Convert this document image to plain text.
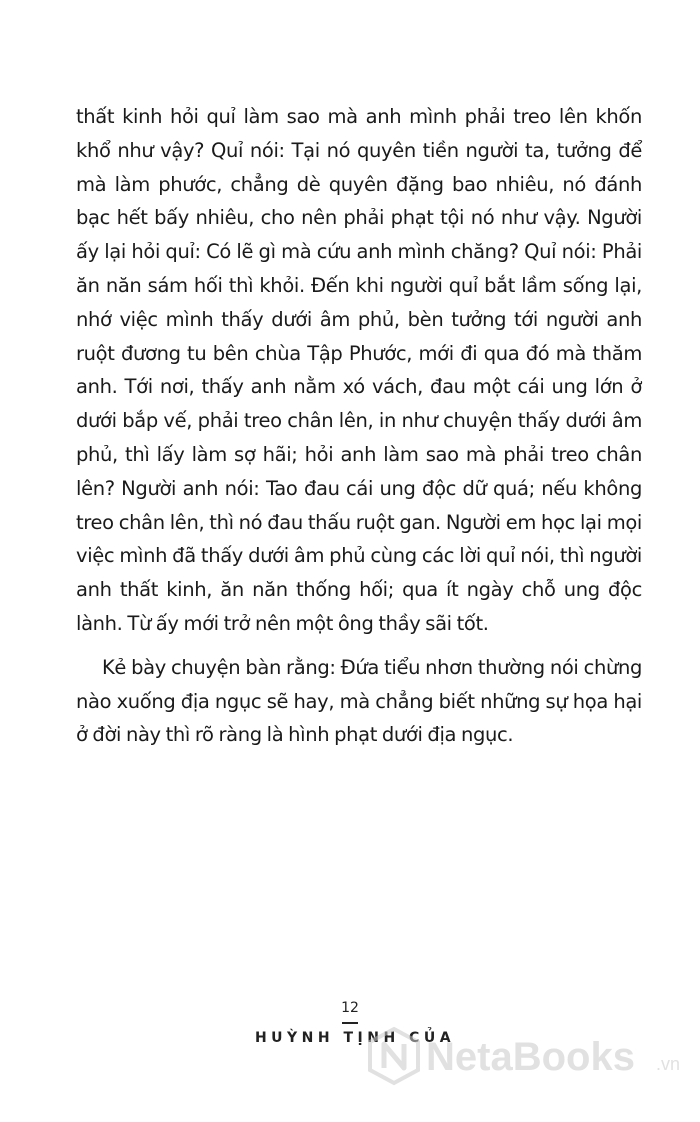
thất kinh hỏi quỉ làm sao mà anh mình phải treo lên khốn khổ như vậy? Quỉ nói: Tại nó quyên tiền người ta, tưởng để mà làm phước, chẳng dè quyên đặng bao nhiêu, nó đánh bạc hết bấy nhiêu, cho nên phải phạt tội nó như vậy. Người ấy lại hỏi quỉ: Có lẽ gì mà cứu anh mình chăng? Quỉ nói: Phải ăn năn sám hối thì khỏi. Đến khi người quỉ bắt lầm sống lại, nhớ việc mình thấy dưới âm phủ, bèn tưởng tới người anh ruột đương tu bên chùa Tập Phước, mới đi qua đó mà thăm anh. Tới nơi, thấy anh nằm xó vách, đau một cái ung lớn ở dưới bắp vế, phải treo chân lên, in như chuyện thấy dưới âm phủ, thì lấy làm sợ hãi; hỏi anh làm sao mà phải treo chân lên? Người anh nói: Tao đau cái ung độc dữ quá; nếu không treo chân lên, thì nó đau thấu ruột gan. Người em học lại mọi việc mình đã thấy dưới âm phủ cùng các lời quỉ nói, thì người anh thất kinh, ăn năn thống hối; qua ít ngày chỗ ung độc lành. Từ ấy mới trở nên một ông thầy sãi tốt.

Kẻ bày chuyện bàn rằng: Đứa tiểu nhơn thường nói chừng nào xuống địa ngục sẽ hay, mà chẳng biết những sự họa hại ở đời này thì rõ ràng là hình phạt dưới địa ngục.

12
HUỲNH TỊNH CỦA
NetaBooks .vn
